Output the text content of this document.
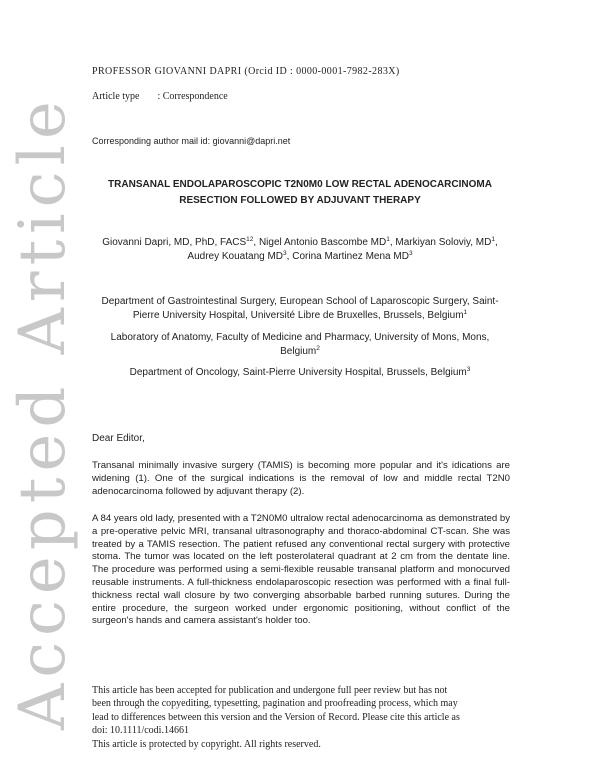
Accepted Article
PROFESSOR GIOVANNI DAPRI (Orcid ID : 0000-0001-7982-283X)
Article type : Correspondence
Corresponding author mail id: giovanni@dapri.net
TRANSANAL ENDOLAPAROSCOPIC T2N0M0 LOW RECTAL ADENOCARCINOMA
RESECTION FOLLOWED BY ADJUVANT THERAPY
Giovanni Dapri, MD, PhD, FACS$^{12}$, Nigel Antonio Bascombe $MD^1$, Markiyan Soloviy, $MD^1$,
Audrey Kouatang $MD^3$, Corina Martinez Mena $MD^3$
Department of Gastrointestinal Surgery, European School of Laparoscopic Surgery, Saint-
Pierre University Hospital, Université Libre de Bruxelles, Brussels, Belgium$^1$
Laboratory of Anatomy, Faculty of Medicine and Pharmacy, University of Mons, Mons,
Belgium$^2$
Department of Oncology, Saint-Pierre University Hospital, Brussels, Belgium$^3$
Dear Editor,
Transanal minimally invasive surgery (TAMIS) is becoming more popular and it's idications are widening (1). One of the surgical indications is the removal of low and middle rectal T2N0 adenocarcinoma followed by adjuvant therapy (2).
A 84 years old lady, presented with a T2N0M0 ultralow rectal adenocarcinoma as demonstrated by a pre-operative pelvic MRI, transanal ultrasonography and thoraco-abdominal CT-scan. She was treated by a TAMIS resection. The patient refused any conventional rectal surgery with protective stoma. The tumor was located on the left posterolateral quadrant at 2 cm from the dentate line. The procedure was performed using a semi-flexible reusable transanal platform and monocurved reusable instruments. A full-thickness endolaparoscopic resection was performed with a final full-thickness rectal wall closure by two converging absorbable barbed running sutures. During the entire procedure, the surgeon worked under ergonomic positioning, without conflict of the surgeon's hands and camera assistant's holder too.
This article has been accepted for publication and undergone full peer review but has not
been through the copyediting, typesetting, pagination and proofreading process, which may
lead to differences between this version and the Version of Record. Please cite this article as
doi: 10.1111/codi.14661
This article is protected by copyright. All rights reserved.
